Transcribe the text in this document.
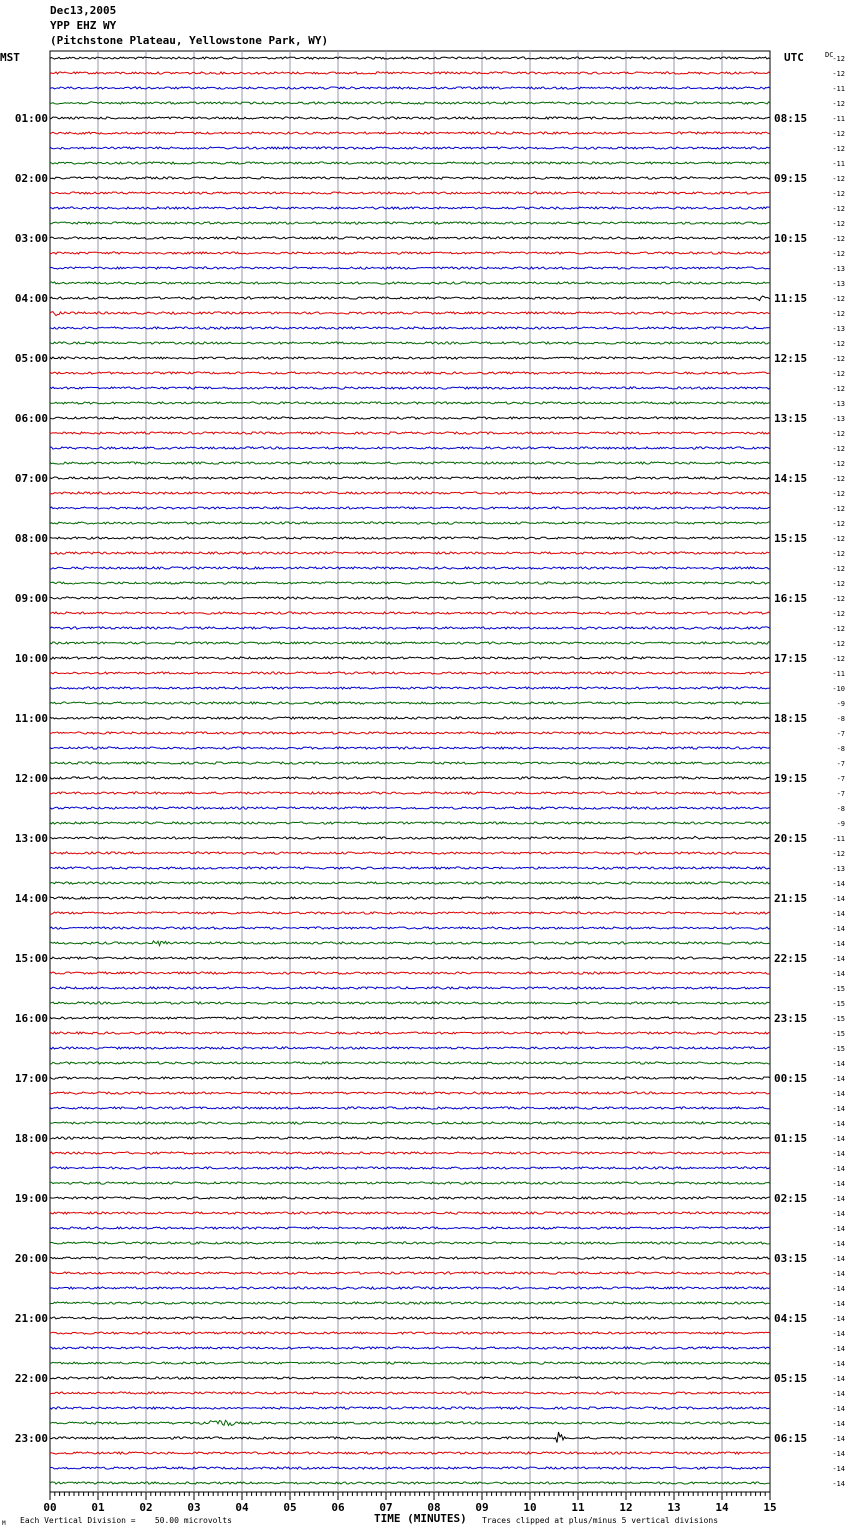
Dec13,2005
YPP EHZ WY
(Pitchstone Plateau, Yellowstone Park, WY)
MST	UTC	DC
TIME (MINUTES)
Each Vertical Division =    50.00 microvolts	Traces clipped at plus/minus 5 vertical divisions
M
00	01	02	03	04	05	06	07	08	09	10	11	12	13	14	15
-12
-12
-11
-12
-11
-12
-12
-11
-12
-12
-12
-12
-12
-12
-13
-13
-12
-12
-13
-12
-12
-12
-12
-13
-13
-12
-12
-12
-12
-12
-12
-12
-12
-12
-12
-12
-12
-12
-12
-12
-12
-11
-10
-9
-8
-7
-8
-7
-7
-7
-8
-9
-11
-12
-13
-14
-14
-14
-14
-14
-14
-14
-15
-15
-15
-15
-15
-14
-14
-14
-14
-14
-14
-14
-14
-14
-14
-14
-14
-14
-14
-14
-14
-14
-14
-14
-14
-14
-14
-14
-14
-14
-14
-14
-14
-14
01:00
02:00
03:00
04:00
05:00
06:00
07:00
08:00
09:00
10:00
11:00
12:00
13:00
14:00
15:00
16:00
17:00
18:00
19:00
20:00
21:00
22:00
23:00
08:15
09:15
10:15
11:15
12:15
13:15
14:15
15:15
16:15
17:15
18:15
19:15
20:15
21:15
22:15
23:15
00:15
01:15
02:15
03:15
04:15
05:15
06:15
